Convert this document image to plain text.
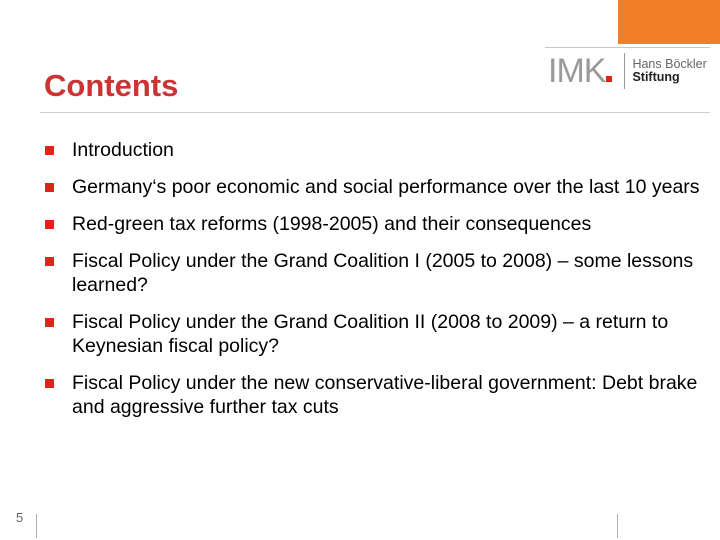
IMK Hans Böckler
Stiftung
Contents
Introduction
Germany‘s poor economic and social performance over the last 10 years
Red-green tax reforms (1998-2005) and their consequences
Fiscal Policy under the Grand Coalition I (2005 to 2008) – some lessons learned?
Fiscal Policy under the Grand Coalition II (2008 to 2009) – a return to Keynesian fiscal policy?
Fiscal Policy under the new conservative-liberal government: Debt brake and aggressive further tax cuts
5
